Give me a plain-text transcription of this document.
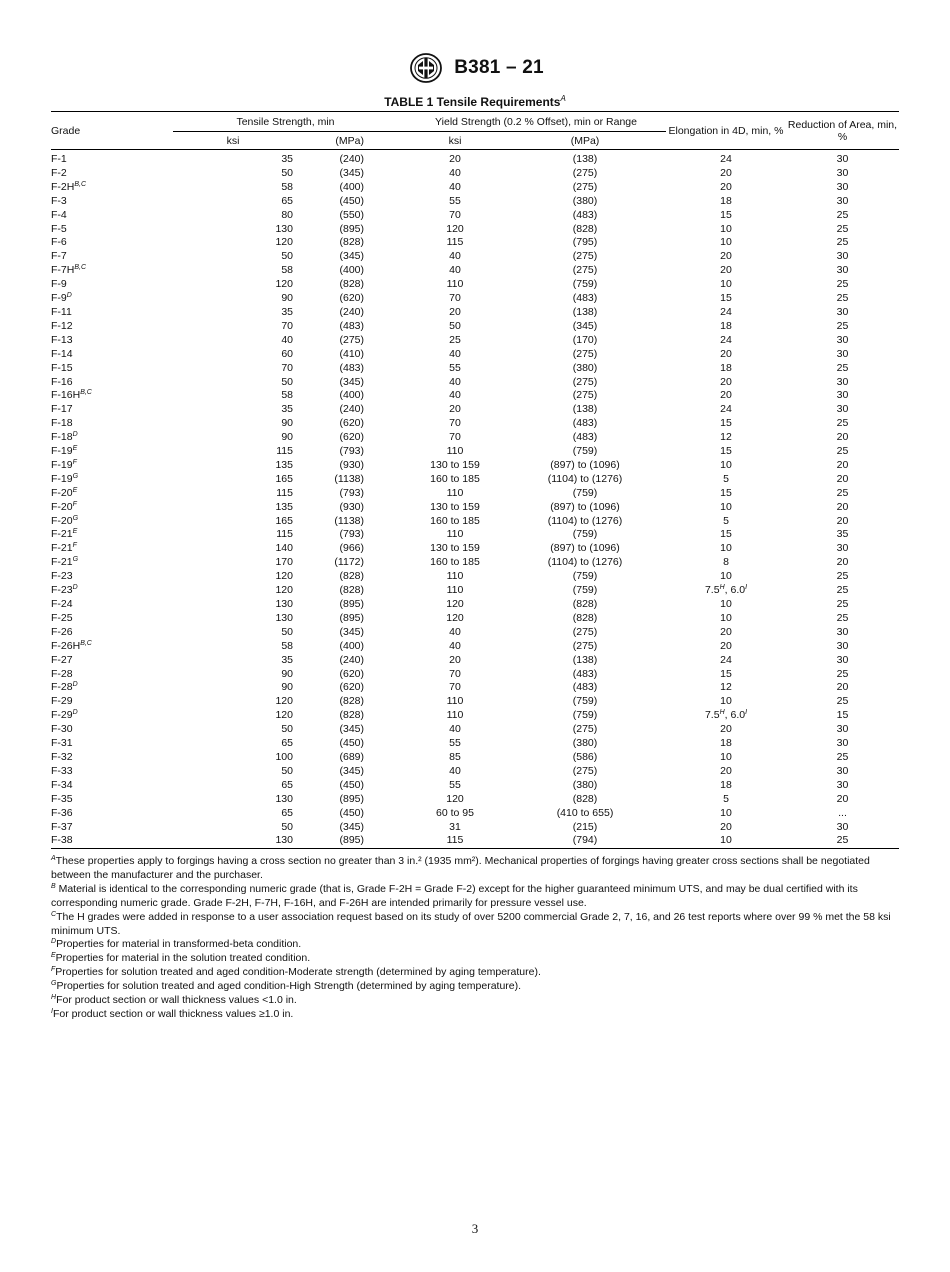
B381 – 21
TABLE 1 Tensile Requirements$^A$
Grade	Tensile Strength, min		Yield Strength (0.2 % Offset), min or Range		Elongation in 4D, min, %	Reduction of Area, min, %
	ksi	(MPa)	ksi	(MPa)		
F-1	35	(240)	20	(138)	24	30
F-2	50	(345)	40	(275)	20	30
F-2H$^{B,C}$	58	(400)	40	(275)	20	30
F-3	65	(450)	55	(380)	18	30
F-4	80	(550)	70	(483)	15	25
F-5	130	(895)	120	(828)	10	25
F-6	120	(828)	115	(795)	10	25
F-7	50	(345)	40	(275)	20	30
F-7H$^{B,C}$	58	(400)	40	(275)	20	30
F-9	120	(828)	110	(759)	10	25
F-9$^D$	90	(620)	70	(483)	15	25
F-11	35	(240)	20	(138)	24	30
F-12	70	(483)	50	(345)	18	25
F-13	40	(275)	25	(170)	24	30
F-14	60	(410)	40	(275)	20	30
F-15	70	(483)	55	(380)	18	25
F-16	50	(345)	40	(275)	20	30
F-16H$^{B,C}$	58	(400)	40	(275)	20	30
F-17	35	(240)	20	(138)	24	30
F-18	90	(620)	70	(483)	15	25
F-18$^D$	90	(620)	70	(483)	12	20
F-19$^E$	115	(793)	110	(759)	15	25
F-19$^F$	135	(930)	130 to 159	(897) to (1096)	10	20
F-19$^G$	165	(1138)	160 to 185	(1104) to (1276)	5	20
F-20$^E$	115	(793)	110	(759)	15	25
F-20$^F$	135	(930)	130 to 159	(897) to (1096)	10	20
F-20$^G$	165	(1138)	160 to 185	(1104) to (1276)	5	20
F-21$^E$	115	(793)	110	(759)	15	35
F-21$^F$	140	(966)	130 to 159	(897) to (1096)	10	30
F-21$^G$	170	(1172)	160 to 185	(1104) to (1276)	8	20
F-23	120	(828)	110	(759)	10	25
F-23$^D$	120	(828)	110	(759)	7.5$^H$, 6.0$^I$	25
F-24	130	(895)	120	(828)	10	25
F-25	130	(895)	120	(828)	10	25
F-26	50	(345)	40	(275)	20	30
F-26H$^{B,C}$	58	(400)	40	(275)	20	30
F-27	35	(240)	20	(138)	24	30
F-28	90	(620)	70	(483)	15	25
F-28$^D$	90	(620)	70	(483)	12	20
F-29	120	(828)	110	(759)	10	25
F-29$^D$	120	(828)	110	(759)	7.5$^H$, 6.0$^I$	15
F-30	50	(345)	40	(275)	20	30
F-31	65	(450)	55	(380)	18	30
F-32	100	(689)	85	(586)	10	25
F-33	50	(345)	40	(275)	20	30
F-34	65	(450)	55	(380)	18	30
F-35	130	(895)	120	(828)	5	20
F-36	65	(450)	60 to 95	(410 to 655)	10	...
F-37	50	(345)	31	(215)	20	30
F-38	130	(895)	115	(794)	10	25

$^A$These properties apply to forgings having a cross section no greater than 3 in.² (1935 mm²). Mechanical properties of forgings having greater cross sections shall be negotiated between the manufacturer and the purchaser.

$^B$ Material is identical to the corresponding numeric grade (that is, Grade F-2H = Grade F-2) except for the higher guaranteed minimum UTS, and may be dual certified with its corresponding numeric grade. Grade F-2H, F-7H, F-16H, and F-26H are intended primarily for pressure vessel use.

$^C$The H grades were added in response to a user association request based on its study of over 5200 commercial Grade 2, 7, 16, and 26 test reports where over 99 % met the 58 ksi minimum UTS.

$^D$Properties for material in transformed-beta condition.

$^E$Properties for material in the solution treated condition.

$^F$Properties for solution treated and aged condition-Moderate strength (determined by aging temperature).

$^G$Properties for solution treated and aged condition-High Strength (determined by aging temperature).

$^H$For product section or wall thickness values <1.0 in.

$^I$For product section or wall thickness values ≥1.0 in.

3
